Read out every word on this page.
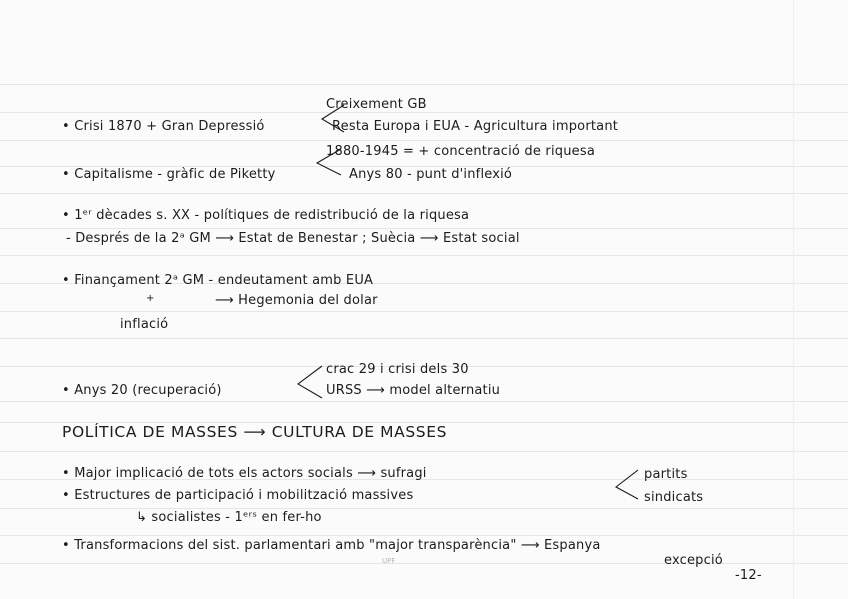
Creixement GB
• Crisi 1870 + Gran Depressió	Resta Europa i EUA - Agricultura important
1880-1945 = + concentració de riquesa
• Capitalisme - gràfic de Piketty	Anys 80 - punt d'inflexió
• 1ᵉʳ dècades s. XX - polítiques de redistribució de la riquesa
- Després de la 2ᵃ GM ⟶ Estat de Benestar ; Suècia ⟶ Estat social
• Finançament 2ᵃ GM - endeutament amb EUA
+	⟶ Hegemonia del dolar
inflació
crac 29 i crisi dels 30
• Anys 20 (recuperació)	URSS ⟶ model alternatiu
POLÍTICA DE MASSES ⟶ CULTURA DE MASSES
• Major implicació de tots els actors socials ⟶ sufragi	partits
• Estructures de participació i mobilització massives	sindicats
↳ socialistes - 1ᵉʳˢ en fer-ho
• Transformacions del sist. parlamentari amb "major transparència" ⟶ Espanya
excepció
-12-
UPF
